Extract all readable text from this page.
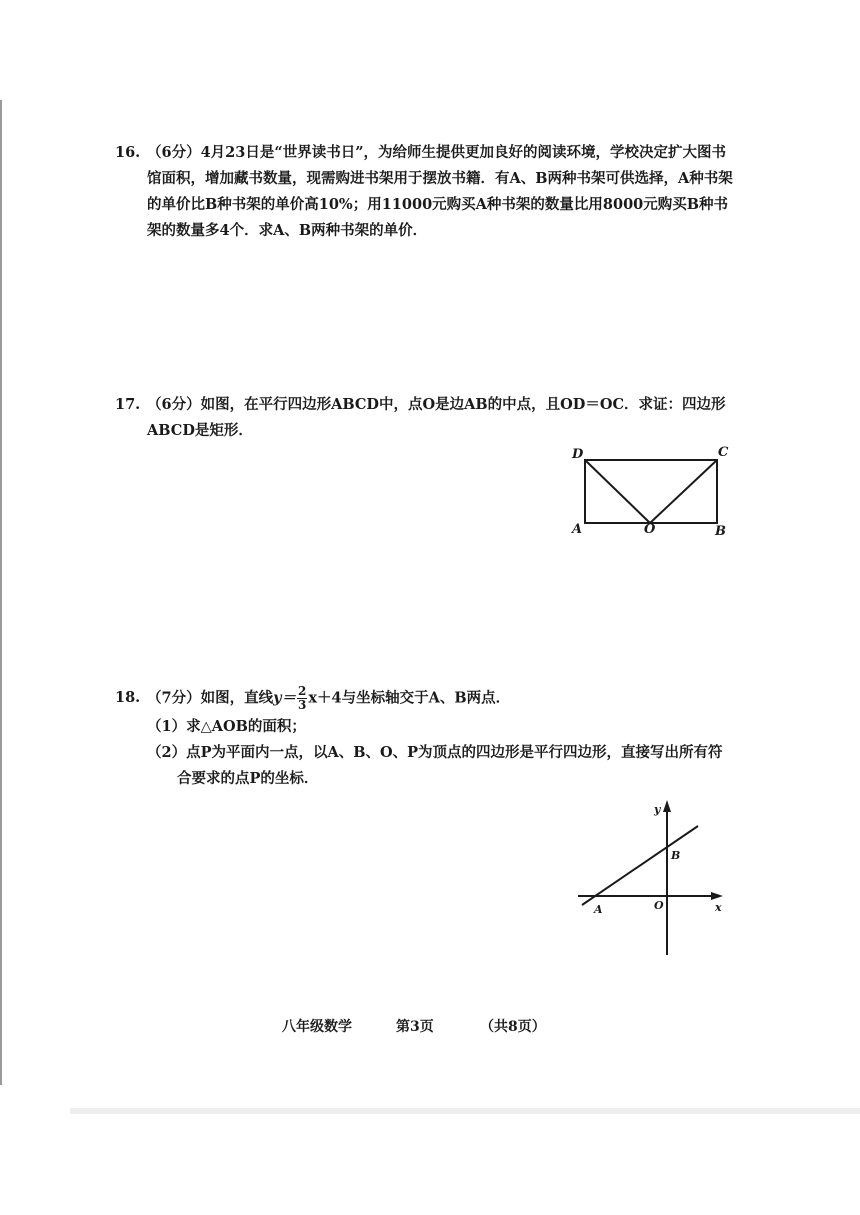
16. （6分）4月23日是“世界读书日”，为给师生提供更加良好的阅读环境，学校决定扩大图书馆面积，增加藏书数量，现需购进书架用于摆放书籍．有A、B两种书架可供选择，A种书架的单价比B种书架的单价高10%；用11000元购买A种书架的数量比用8000元购买B种书架的数量多4个．求A、B两种书架的单价．
17. （6分）如图，在平行四边形ABCD中，点O是边AB的中点，且OD＝OC．求证：四边形ABCD是矩形．
D	C
A	O	B
18. （7分）如图，直线$y= \frac{2}{3} x+4$与坐标轴交于A、B两点．
（1）求△AOB的面积；
（2）点P为平面内一点，以A、B、O、P为顶点的四边形是平行四边形，直接写出所有符
合要求的点P的坐标．
y
x
B
A	O
八年级数学	第3页	（共8页）
